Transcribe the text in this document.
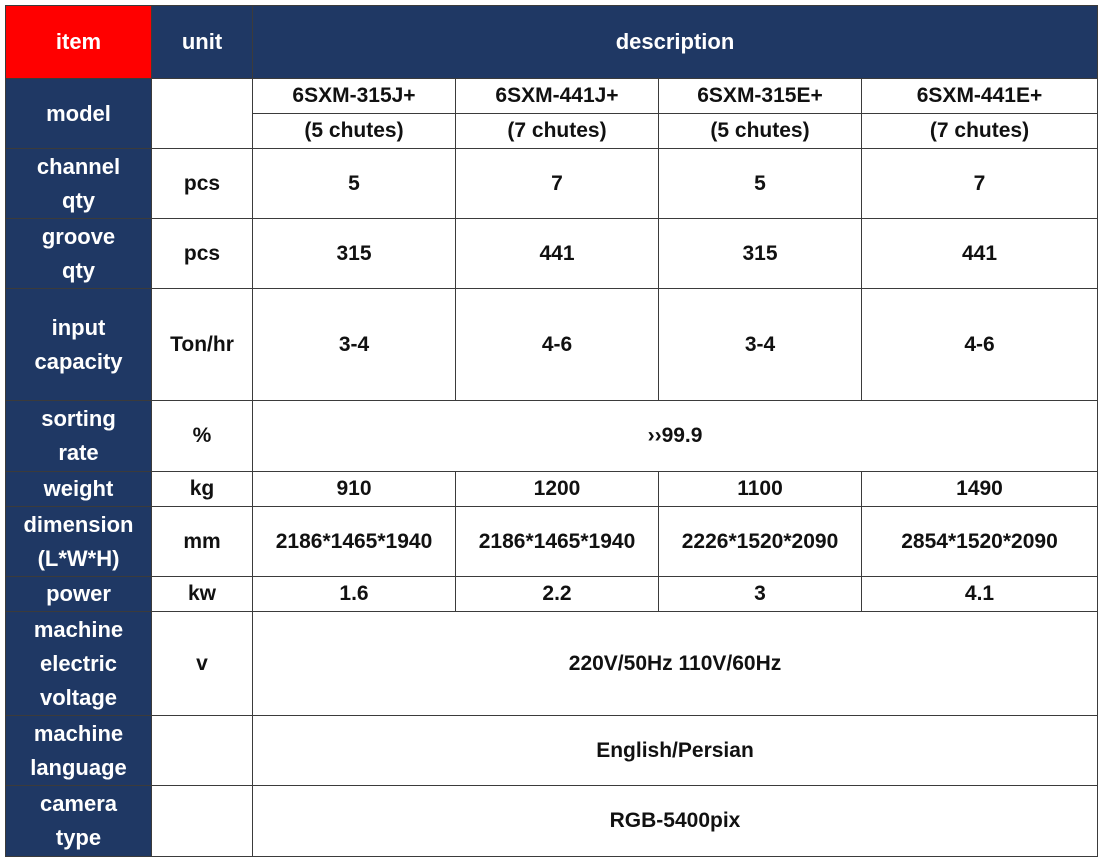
item	unit	description			
model		6SXM-315J+	6SXM-441J+	6SXM-315E+	6SXM-441E+
		(5 chutes)	(7 chutes)	(5 chutes)	(7 chutes)

channel
qty	pcs	5	7	5	7

groove
qty	pcs	315	441	315	441

input
capacity	Ton/hr	3-4	4-6	3-4	4-6

sorting
rate	%	››99.9			
weight	kg	910	1200	1100	1490

dimension
(L*W*H)	mm	2186*1465*1940	2186*1465*1940	2226*1520*2090	2854*1520*2090
power	kw	1.6	2.2	3	4.1

machine
electric
voltage	v	220V/50Hz 110V/60Hz			

machine
language		English/Persian			

camera
type		RGB-5400pix			
